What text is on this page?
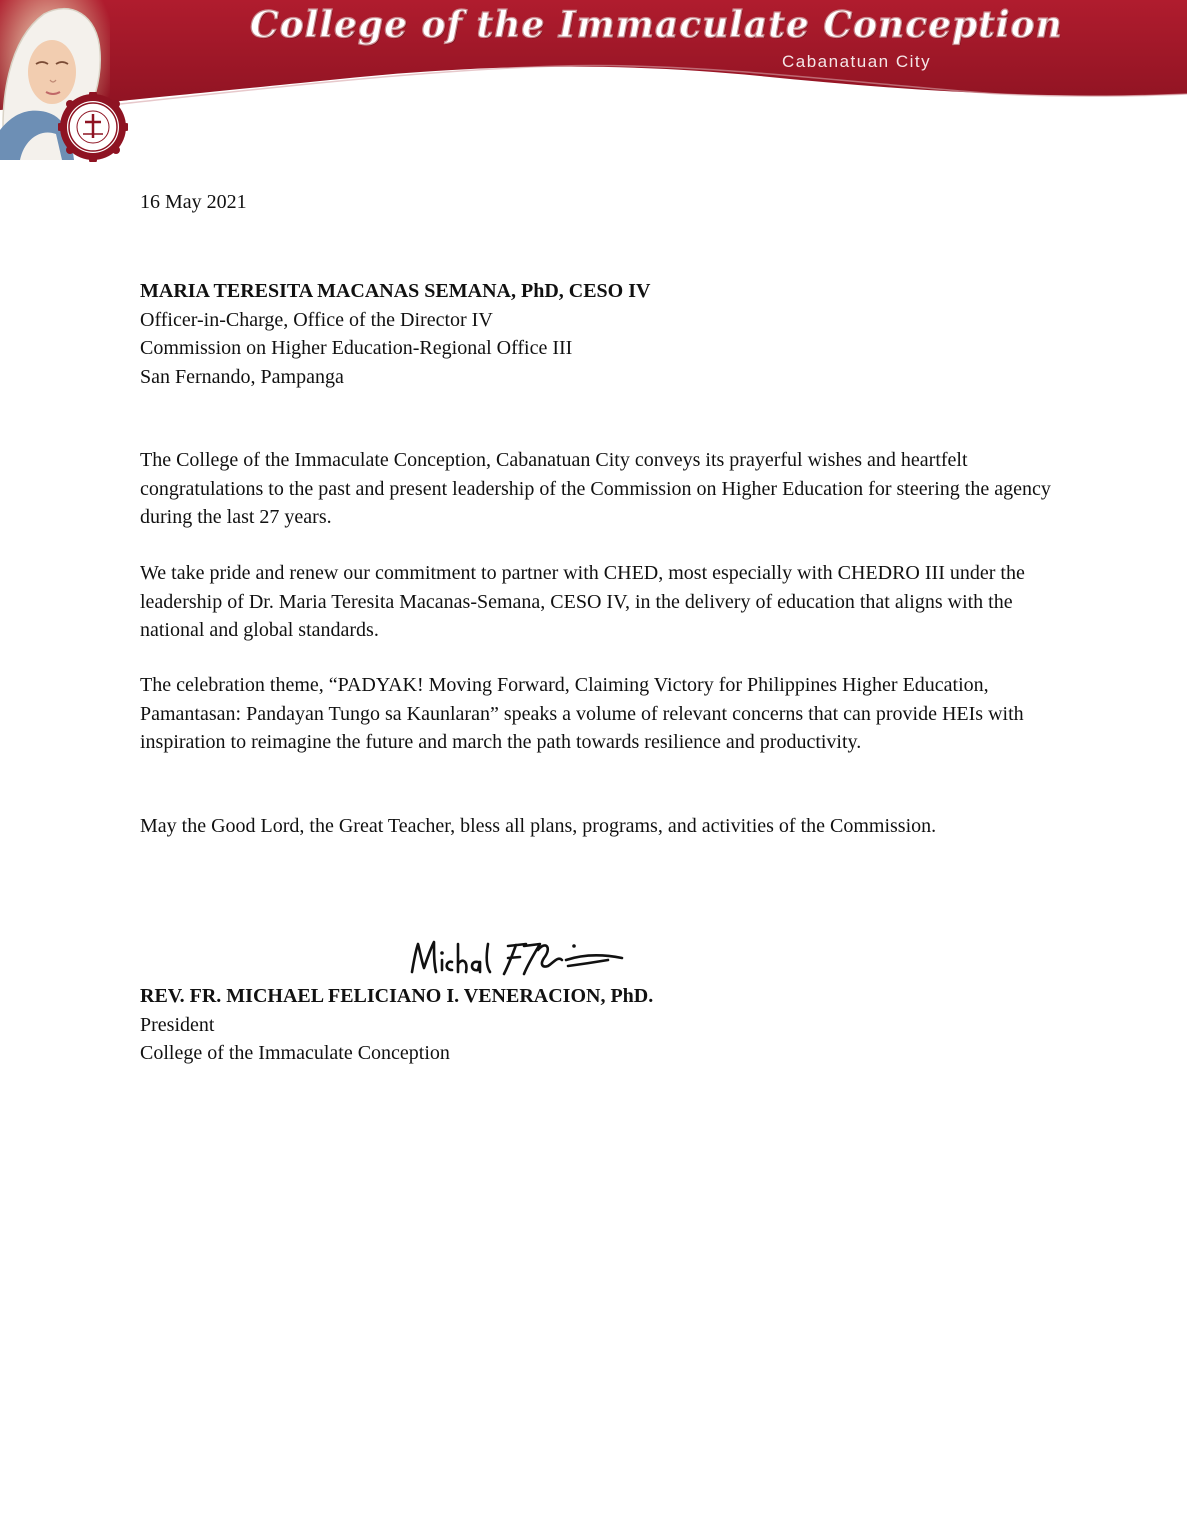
College of the Immaculate Conception
Cabanatuan City
16 May 2021
MARIA TERESITA MACANAS SEMANA, PhD, CESO IV
Officer-in-Charge, Office of the Director IV
Commission on Higher Education-Regional Office III
San Fernando, Pampanga

The College of the Immaculate Conception, Cabanatuan City conveys its prayerful wishes and heartfelt congratulations to the past and present leadership of the Commission on Higher Education for steering the agency during the last 27 years.

We take pride and renew our commitment to partner with CHED, most especially with CHEDRO III under the leadership of Dr. Maria Teresita Macanas-Semana, CESO IV, in the delivery of education that aligns with the national and global standards.

The celebration theme, “PADYAK! Moving Forward, Claiming Victory for Philippines Higher Education, Pamantasan: Pandayan Tungo sa Kaunlaran” speaks a volume of relevant concerns that can provide HEIs with inspiration to reimagine the future and march the path towards resilience and productivity.

May the Good Lord, the Great Teacher, bless all plans, programs, and activities of the Commission.

REV. FR. MICHAEL FELICIANO I. VENERACION, PhD.
President
College of the Immaculate Conception
